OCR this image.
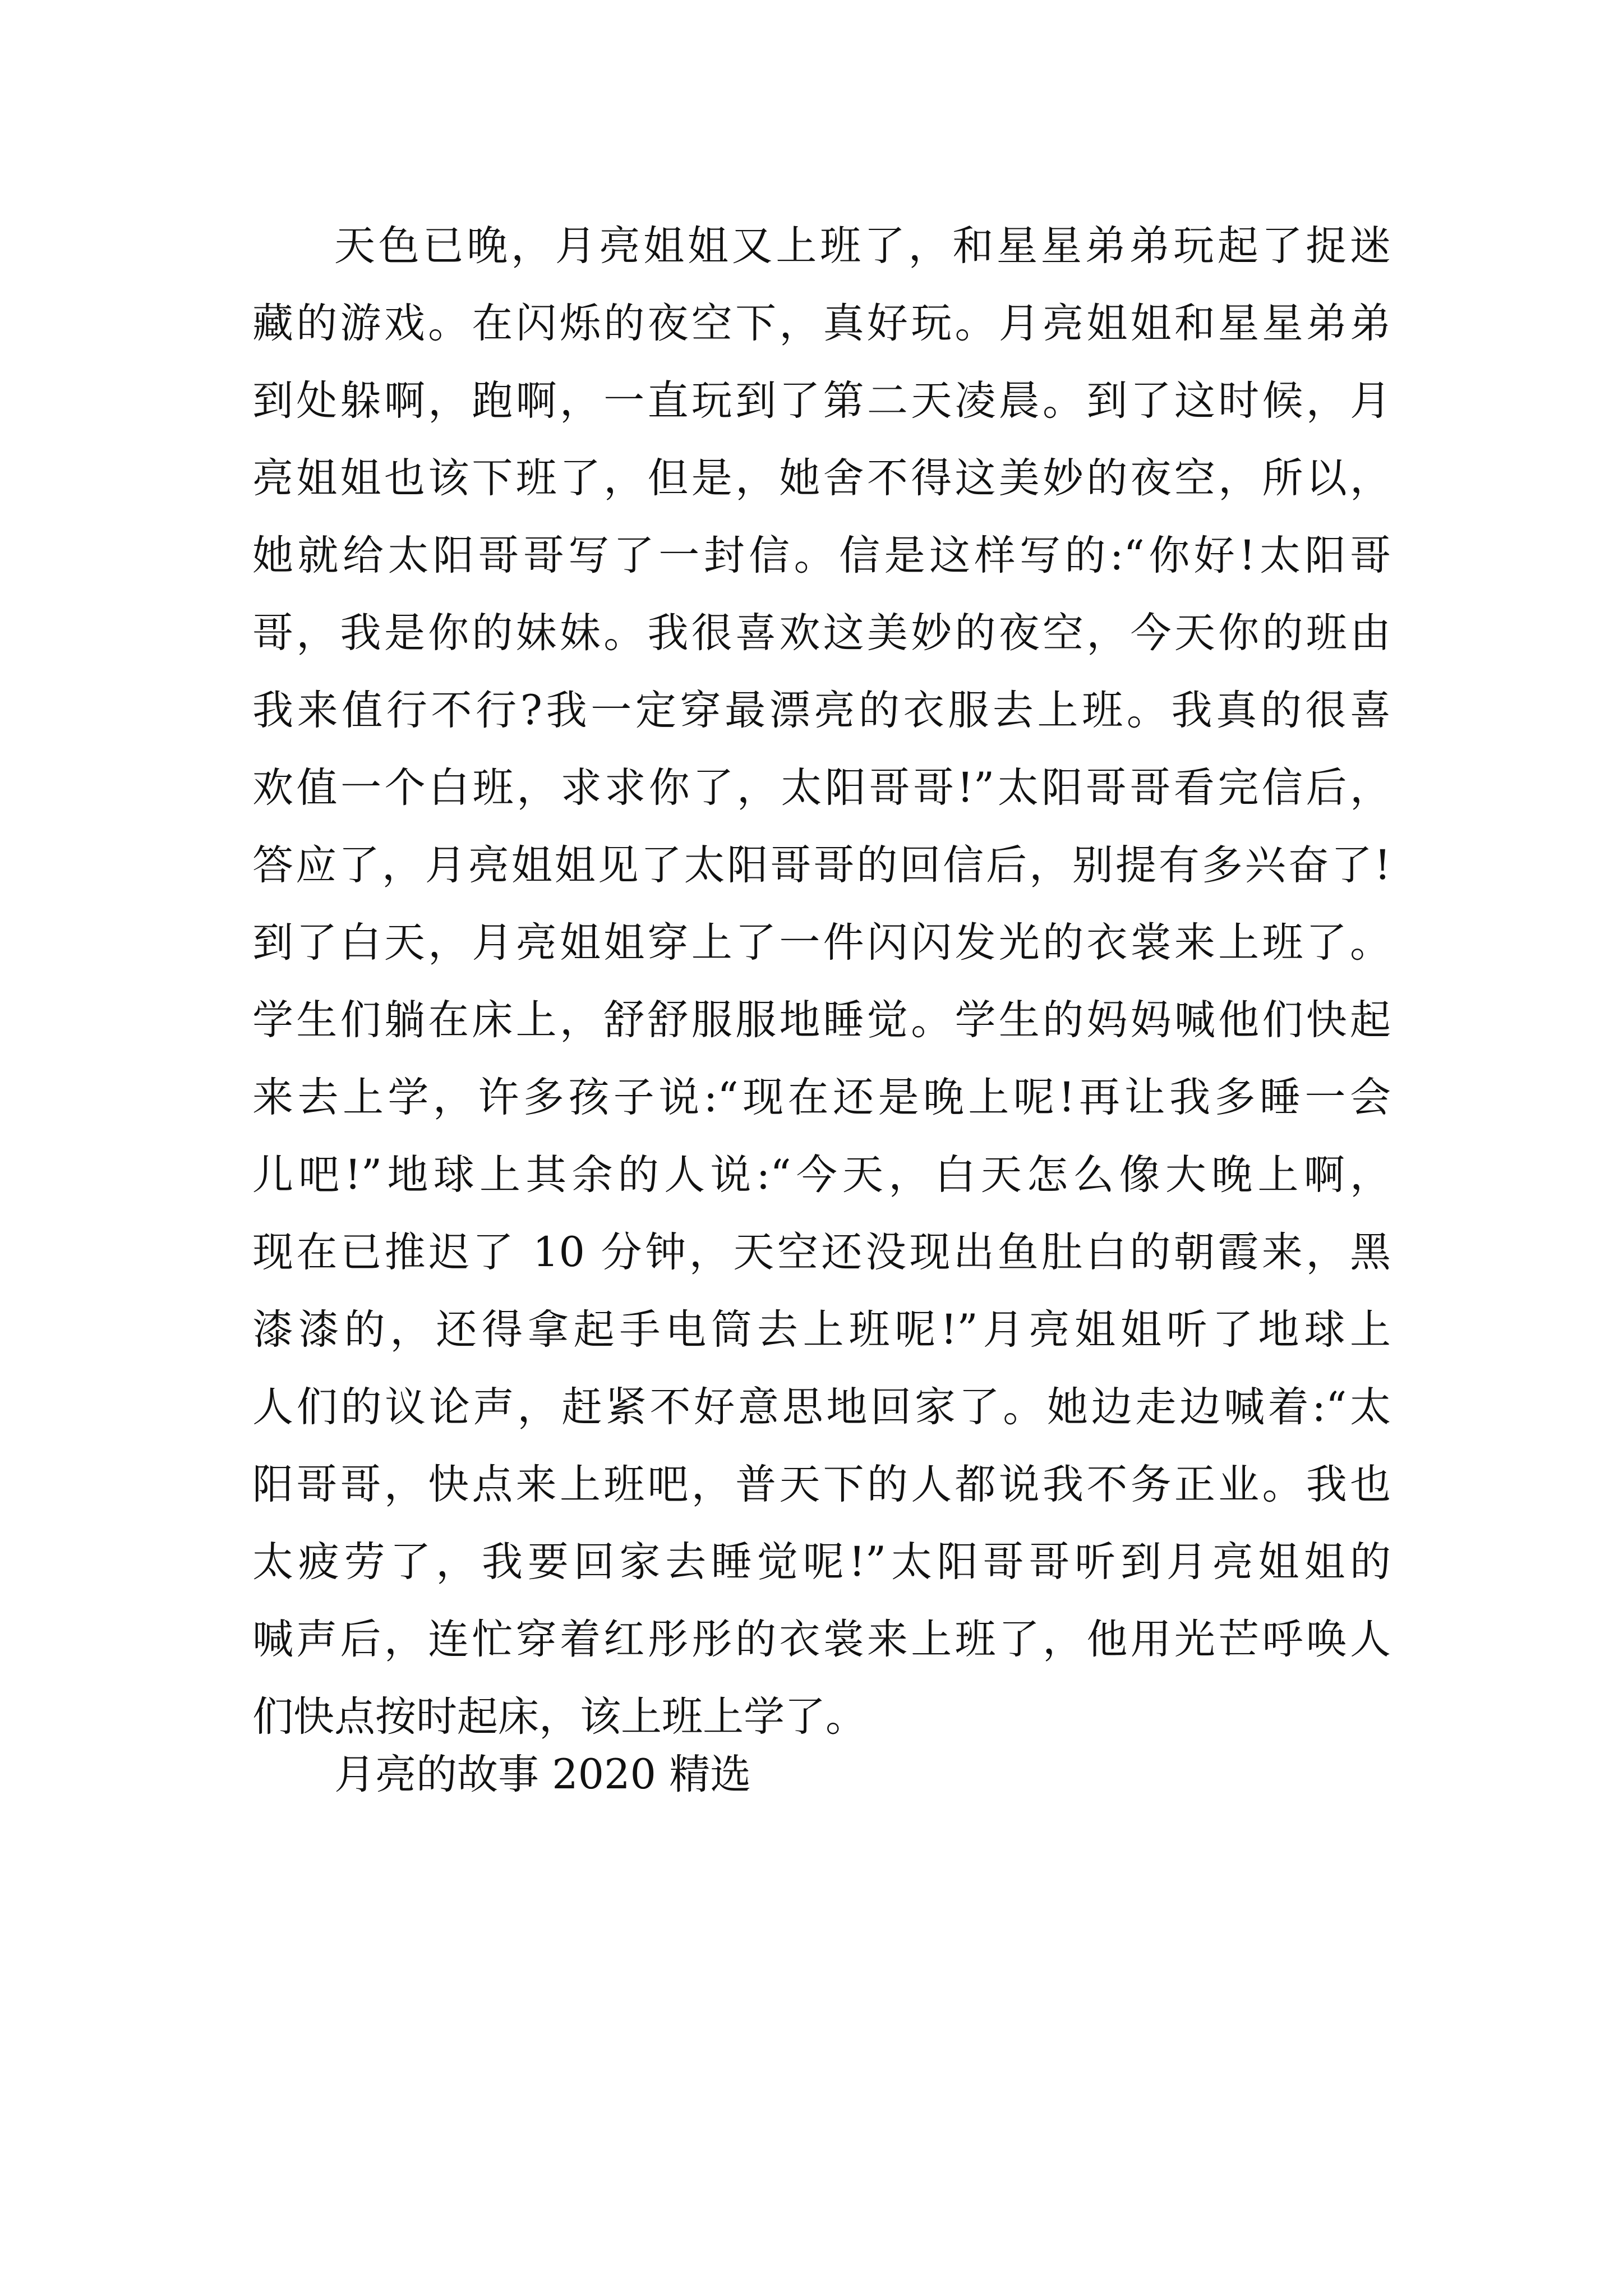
天色已晚，月亮姐姐又上班了，和星星弟弟玩起了捉迷
藏的游戏。在闪烁的夜空下，真好玩。月亮姐姐和星星弟弟
到处躲啊，跑啊，一直玩到了第二天凌晨。到了这时候，月
亮姐姐也该下班了，但是，她舍不得这美妙的夜空，所以，
她就给太阳哥哥写了一封信。信是这样写的:“你好!太阳哥
哥，我是你的妹妹。我很喜欢这美妙的夜空，今天你的班由
我来值行不行?我一定穿最漂亮的衣服去上班。我真的很喜
欢值一个白班，求求你了，太阳哥哥!”太阳哥哥看完信后，
答应了，月亮姐姐见了太阳哥哥的回信后，别提有多兴奋了!
到了白天，月亮姐姐穿上了一件闪闪发光的衣裳来上班了。
学生们躺在床上，舒舒服服地睡觉。学生的妈妈喊他们快起
来去上学，许多孩子说:“现在还是晚上呢!再让我多睡一会
儿吧!”地球上其余的人说:“今天，白天怎么像大晚上啊，
现在已推迟了 10 分钟，天空还没现出鱼肚白的朝霞来，黑
漆漆的，还得拿起手电筒去上班呢!”月亮姐姐听了地球上
人们的议论声，赶紧不好意思地回家了。她边走边喊着:“太
阳哥哥，快点来上班吧，普天下的人都说我不务正业。我也
太疲劳了，我要回家去睡觉呢!”太阳哥哥听到月亮姐姐的
喊声后，连忙穿着红彤彤的衣裳来上班了，他用光芒呼唤人
们快点按时起床，该上班上学了。

月亮的故事 2020 精选
